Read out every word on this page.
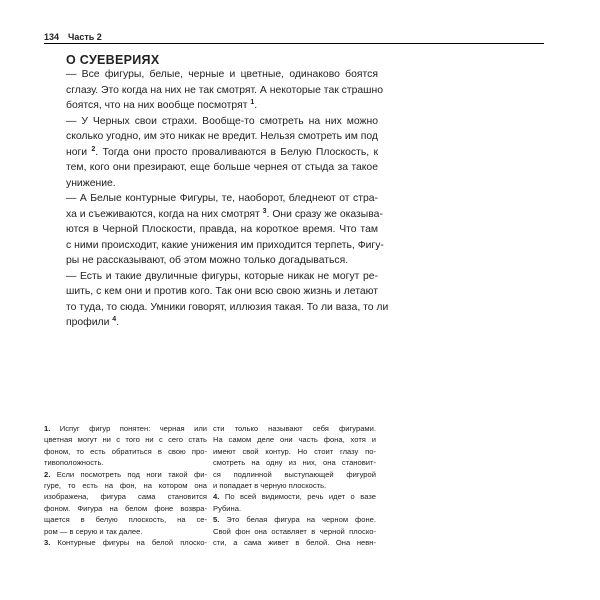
134 Часть 2
О СУЕВЕРИЯХ
— Все фигуры, белые, черные и цветные, одинаково боятся
сглазу. Это когда на них не так смотрят. А некоторые так страшно
боятся, что на них вообще посмотрят $^1$.
— У Черных свои страхи. Вообще-то смотреть на них можно
сколько угодно, им это никак не вредит. Нельзя смотреть им под
ноги $^2$. Тогда они просто проваливаются в Белую Плоскость, к
тем, кого они презирают, еще больше чернея от стыда за такое
унижение.
— А Белые контурные Фигуры, те, наоборот, бледнеют от стра-
ха и съеживаются, когда на них смотрят $^3$. Они сразу же оказыва-
ются в Черной Плоскости, правда, на короткое время. Что там
с ними происходит, какие унижения им приходится терпеть, Фигу-
ры не рассказывают, об этом можно только догадываться.
— Есть и такие двуличные фигуры, которые никак не могут ре-
шить, с кем они и против кого. Так они всю свою жизнь и летают
то туда, то сюда. Умники говорят, иллюзия такая. То ли ваза, то ли
профили $^4$.
1. Испуг фигур понятен: черная или
цветная могут ни с того ни с сего стать
фоном, то есть обратиться в свою про-
тивоположность.
2. Если посмотреть под ноги такой фи-
гуре, то есть на фон, на котором она
изображена, фигура сама становится
фоном. Фигура на белом фоне возвра-
щается в белую плоскость, на се-
ром — в серую и так далее.
3. Контурные фигуры на белой плоско-
сти только называют себя фигурами.
На самом деле они часть фона, хотя и
имеют свой контур. Но стоит глазу по-
смотреть на одну из них, она становит-
ся подлинной выступающей фигурой
и попадает в черную плоскость.
4. По всей видимости, речь идет о вазе
Рубина.
5. Это белая фигура на черном фоне.
Свой фон она оставляет в черной плоско-
сти, а сама живет в белой. Она невн-
